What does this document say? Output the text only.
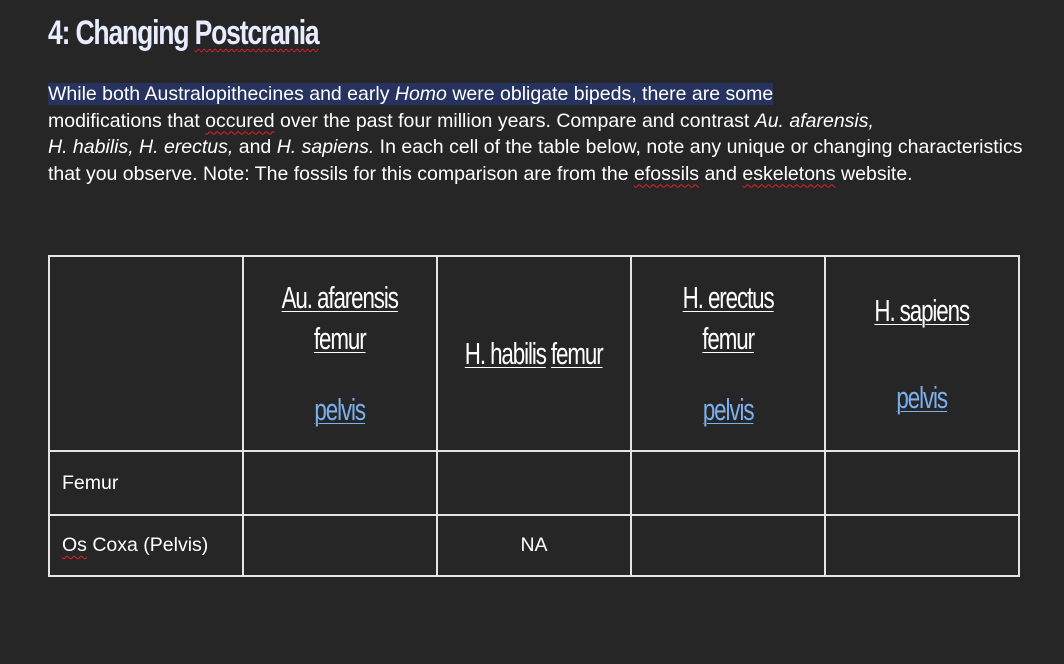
4: Changing Postcrania
While both Australopithecines and early Homo were obligate bipeds, there are some
modifications that occured over the past four million years. Compare and contrast Au. afarensis,
H. habilis, H. erectus, and H. sapiens. In each cell of the table below, note any unique or changing characteristics that you observe. Note: The fossils for this comparison are from the efossils and eskeletons website.

	Au. afarensis
femur
pelvis	H. habilis femur	H. erectus
femur
pelvis	H. sapiens
pelvis

Femur				
Os Coxa (Pelvis)		NA		
